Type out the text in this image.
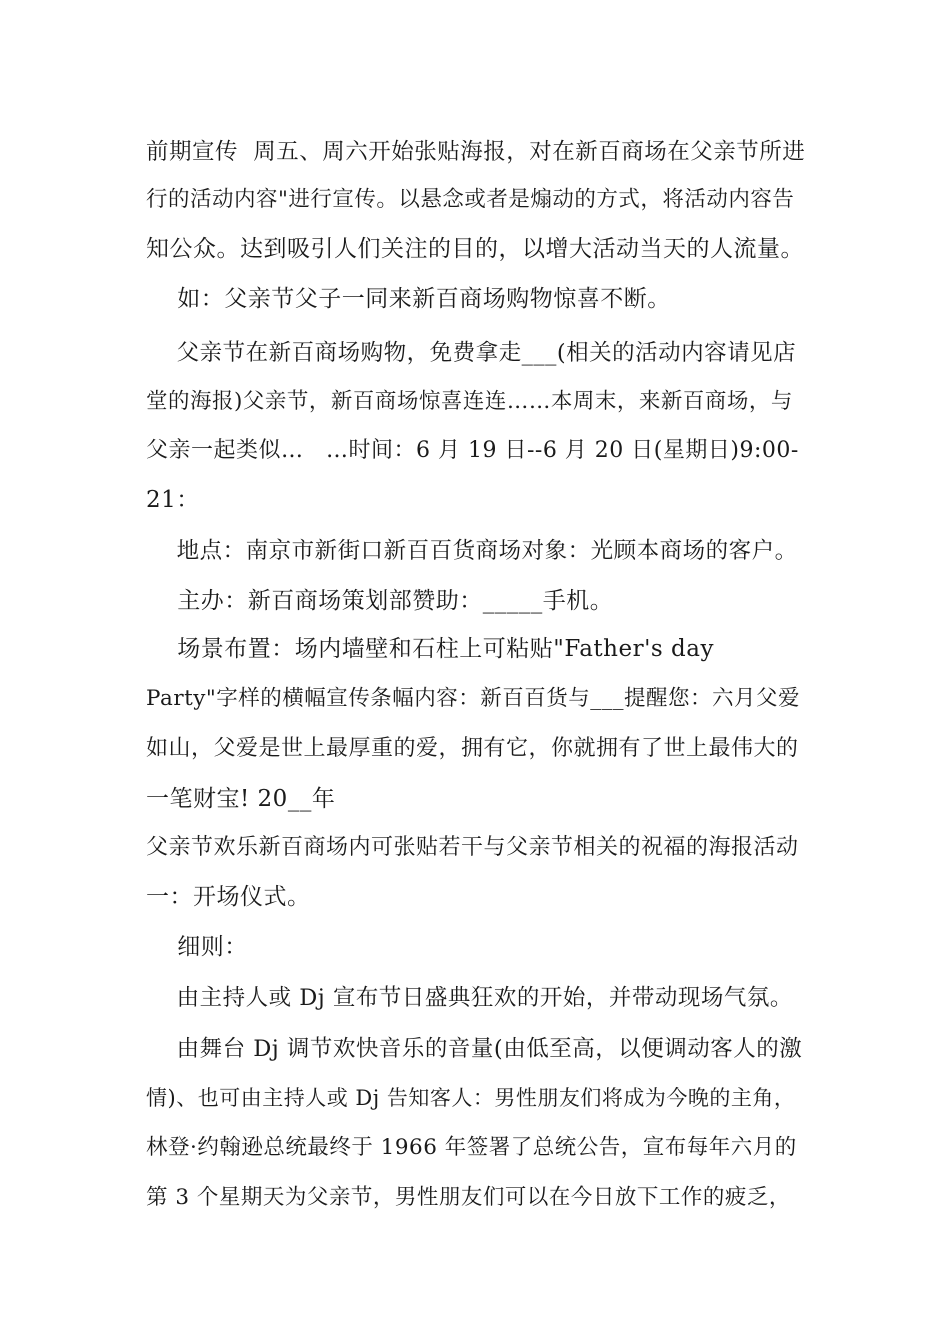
前期宣传  周五、周六开始张贴海报，对在新百商场在父亲节所进
行的活动内容"进行宣传。以悬念或者是煽动的方式，将活动内容告
知公众。达到吸引人们关注的目的，以增大活动当天的人流量。
如：父亲节父子一同来新百商场购物惊喜不断。
父亲节在新百商场购物，免费拿走___(相关的活动内容请见店
堂的海报)父亲节，新百商场惊喜连连……本周末，来新百商场，与
父亲一起类似…   …时间：6 月 19 日--6 月 20 日(星期日)9:00-
21：
地点：南京市新街口新百百货商场对象：光顾本商场的客户。
主办：新百商场策划部赞助：_____手机。
场景布置：场内墙壁和石柱上可粘贴"Father's day
Party"字样的横幅宣传条幅内容：新百百货与___提醒您：六月父爱
如山，父爱是世上最厚重的爱，拥有它，你就拥有了世上最伟大的
一笔财宝! 20__年
父亲节欢乐新百商场内可张贴若干与父亲节相关的祝福的海报活动
一：开场仪式。
细则：
由主持人或 Dj 宣布节日盛典狂欢的开始，并带动现场气氛。
由舞台 Dj 调节欢快音乐的音量(由低至高，以便调动客人的激
情)、也可由主持人或 Dj 告知客人：男性朋友们将成为今晚的主角，
林登·约翰逊总统最终于 1966 年签署了总统公告，宣布每年六月的
第 3 个星期天为父亲节，男性朋友们可以在今日放下工作的疲乏，
